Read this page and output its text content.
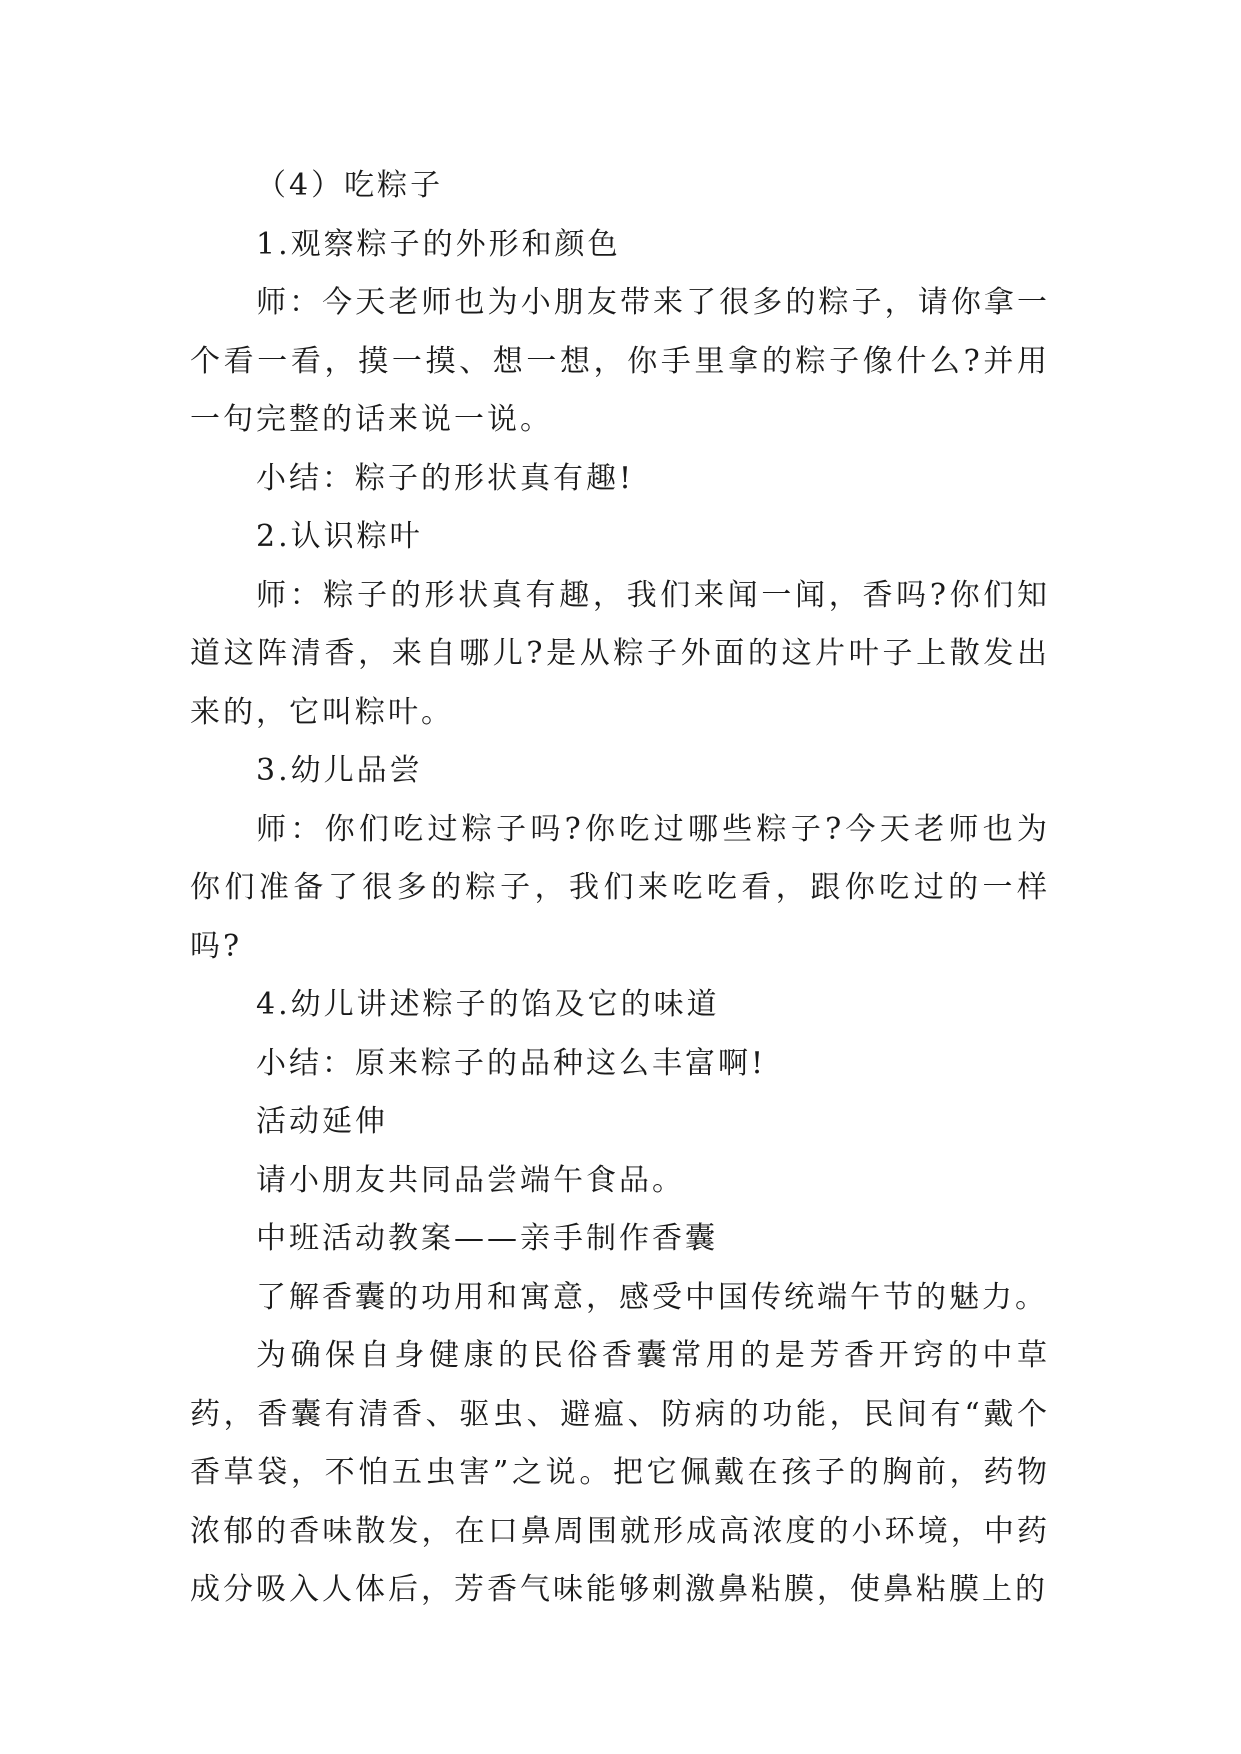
（4）吃粽子

1.观察粽子的外形和颜色

师：今天老师也为小朋友带来了很多的粽子，请你拿一个看一看，摸一摸、想一想，你手里拿的粽子像什么?并用一句完整的话来说一说。

小结：粽子的形状真有趣!

2.认识粽叶

师：粽子的形状真有趣，我们来闻一闻，香吗?你们知道这阵清香，来自哪儿?是从粽子外面的这片叶子上散发出来的，它叫粽叶。

3.幼儿品尝

师：你们吃过粽子吗?你吃过哪些粽子?今天老师也为你们准备了很多的粽子，我们来吃吃看，跟你吃过的一样吗?

4.幼儿讲述粽子的馅及它的味道

小结：原来粽子的品种这么丰富啊!

活动延伸

请小朋友共同品尝端午食品。

中班活动教案——亲手制作香囊

了解香囊的功用和寓意，感受中国传统端午节的魅力。

为确保自身健康的民俗香囊常用的是芳香开窍的中草药，香囊有清香、驱虫、避瘟、防病的功能，民间有“戴个香草袋，不怕五虫害”之说。把它佩戴在孩子的胸前，药物浓郁的香味散发，在口鼻周围就形成高浓度的小环境，中药成分吸入人体后，芳香气味能够刺激鼻粘膜，使鼻粘膜上的
